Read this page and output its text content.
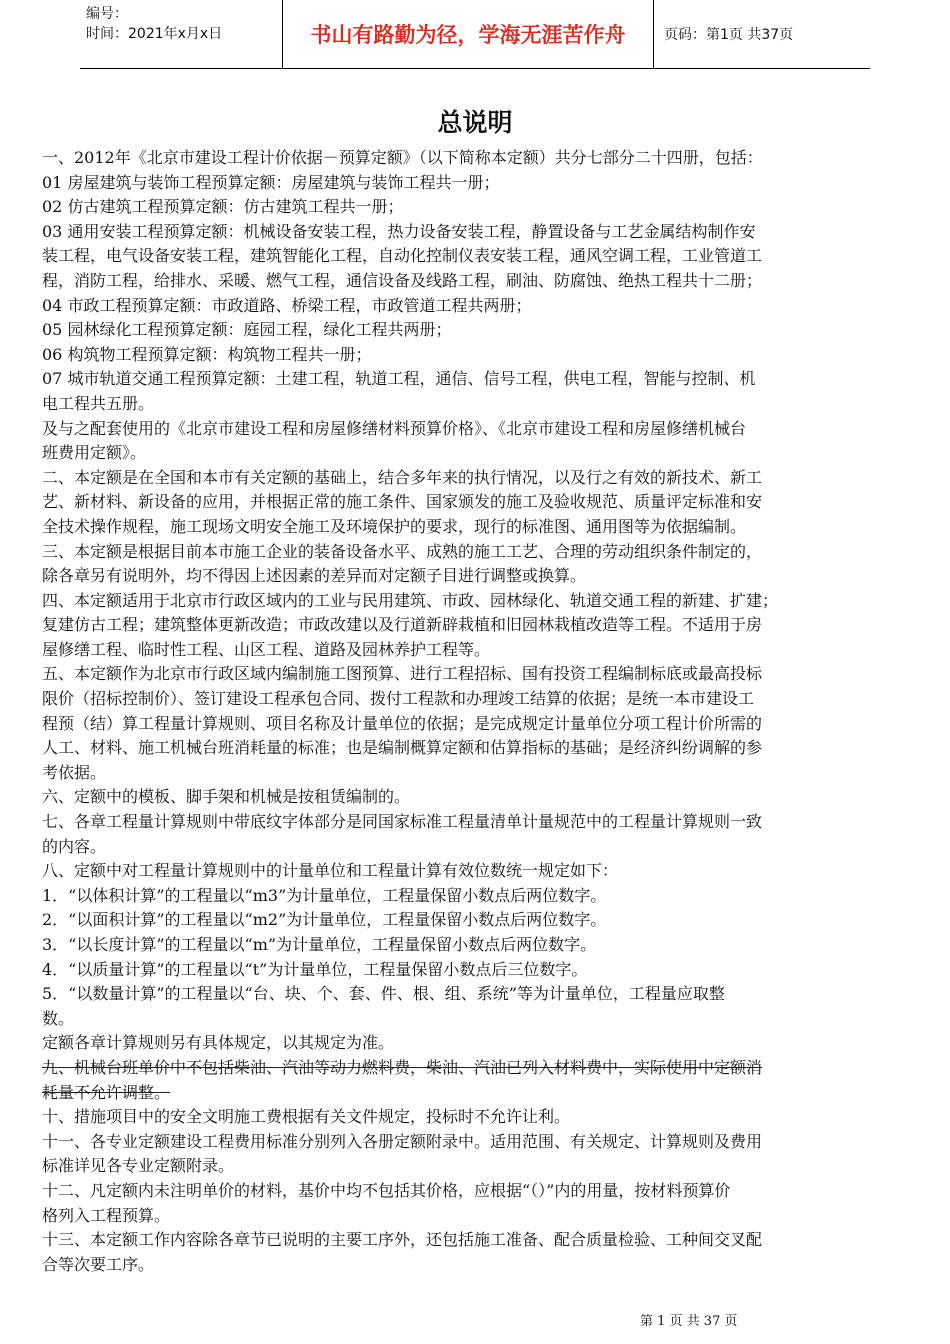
编号：
时间：2021年x月x日	书山有路勤为径，学海无涯苦作舟	页码：第1页 共37页
总说明
一、2012年《北京市建设工程计价依据－预算定额》（以下简称本定额）共分七部分二十四册，包括：
01 房屋建筑与装饰工程预算定额：房屋建筑与装饰工程共一册；
02 仿古建筑工程预算定额：仿古建筑工程共一册；
03 通用安装工程预算定额：机械设备安装工程，热力设备安装工程，静置设备与工艺金属结构制作安
装工程，电气设备安装工程，建筑智能化工程，自动化控制仪表安装工程，通风空调工程，工业管道工
程，消防工程，给排水、采暖、燃气工程，通信设备及线路工程，刷油、防腐蚀、绝热工程共十二册；
04 市政工程预算定额：市政道路、桥梁工程，市政管道工程共两册；
05 园林绿化工程预算定额：庭园工程，绿化工程共两册；
06 构筑物工程预算定额：构筑物工程共一册；
07 城市轨道交通工程预算定额：土建工程，轨道工程，通信、信号工程，供电工程，智能与控制、机
电工程共五册。
及与之配套使用的《北京市建设工程和房屋修缮材料预算价格》、《北京市建设工程和房屋修缮机械台
班费用定额》。
二、本定额是在全国和本市有关定额的基础上，结合多年来的执行情况，以及行之有效的新技术、新工
艺、新材料、新设备的应用，并根据正常的施工条件、国家颁发的施工及验收规范、质量评定标准和安
全技术操作规程，施工现场文明安全施工及环境保护的要求，现行的标准图、通用图等为依据编制。
三、本定额是根据目前本市施工企业的装备设备水平、成熟的施工工艺、合理的劳动组织条件制定的，
除各章另有说明外，均不得因上述因素的差异而对定额子目进行调整或换算。
四、本定额适用于北京市行政区域内的工业与民用建筑、市政、园林绿化、轨道交通工程的新建、扩建；
复建仿古工程；建筑整体更新改造；市政改建以及行道新辟栽植和旧园林栽植改造等工程。不适用于房
屋修缮工程、临时性工程、山区工程、道路及园林养护工程等。
五、本定额作为北京市行政区域内编制施工图预算、进行工程招标、国有投资工程编制标底或最高投标
限价（招标控制价）、签订建设工程承包合同、拨付工程款和办理竣工结算的依据；是统一本市建设工
程预（结）算工程量计算规则、项目名称及计量单位的依据；是完成规定计量单位分项工程计价所需的
人工、材料、施工机械台班消耗量的标准；也是编制概算定额和估算指标的基础；是经济纠纷调解的参
考依据。
六、定额中的模板、脚手架和机械是按租赁编制的。
七、各章工程量计算规则中带底纹字体部分是同国家标准工程量清单计量规范中的工程量计算规则一致
的内容。
八、定额中对工程量计算规则中的计量单位和工程量计算有效位数统一规定如下：
1．“以体积计算”的工程量以“m3”为计量单位，工程量保留小数点后两位数字。
2．“以面积计算”的工程量以“m2”为计量单位，工程量保留小数点后两位数字。
3．“以长度计算”的工程量以“m”为计量单位，工程量保留小数点后两位数字。
4．“以质量计算”的工程量以“t”为计量单位，工程量保留小数点后三位数字。
5．“以数量计算”的工程量以“台、块、个、套、件、根、组、系统”等为计量单位，工程量应取整
数。
定额各章计算规则另有具体规定，以其规定为准。
九、机械台班单价中不包括柴油、汽油等动力燃料费，柴油、汽油已列入材料费中，实际使用中定额消
耗量不允许调整。
十、措施项目中的安全文明施工费根据有关文件规定，投标时不允许让利。
十一、各专业定额建设工程费用标准分别列入各册定额附录中。适用范围、有关规定、计算规则及费用
标准详见各专业定额附录。
十二、凡定额内未注明单价的材料，基价中均不包括其价格，应根据“（）”内的用量，按材料预算价
格列入工程预算。
十三、本定额工作内容除各章节已说明的主要工序外，还包括施工准备、配合质量检验、工种间交叉配
合等次要工序。
第 1 页 共 37 页
